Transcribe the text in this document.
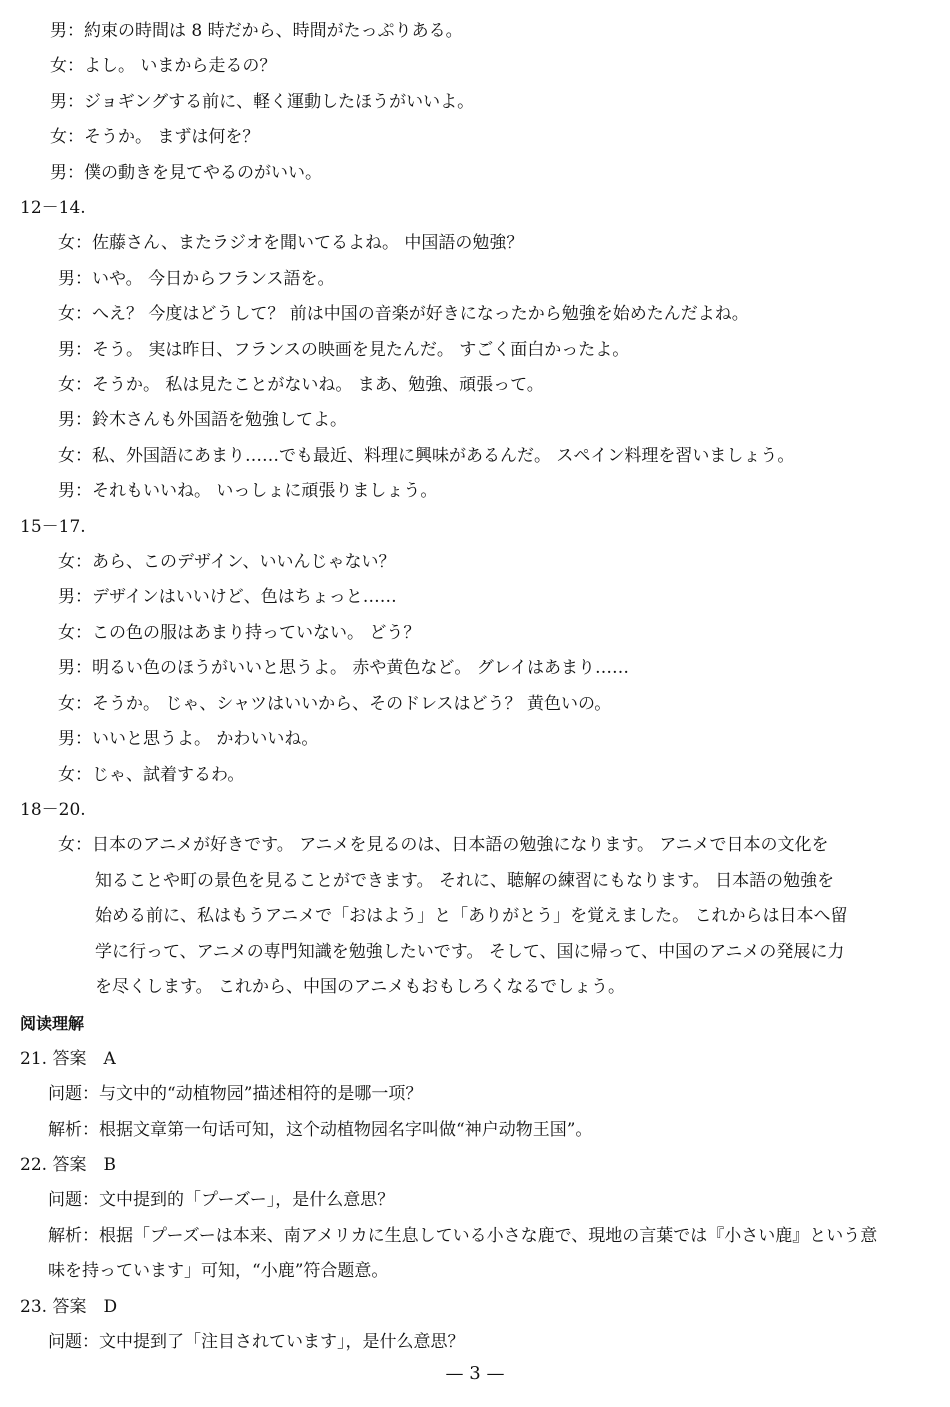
男：約束の時間は 8 時だから、時間がたっぷりある。
女：よし。 いまから走るの？
男：ジョギングする前に、軽く運動したほうがいいよ。
女：そうか。 まずは何を？
男：僕の動きを見てやるのがいい。
12－14.
女：佐藤さん、またラジオを聞いてるよね。 中国語の勉強？
男：いや。 今日からフランス語を。
女：へえ？ 今度はどうして？ 前は中国の音楽が好きになったから勉強を始めたんだよね。
男：そう。 実は昨日、フランスの映画を見たんだ。 すごく面白かったよ。
女：そうか。 私は見たことがないね。 まあ、勉強、頑張って。
男：鈴木さんも外国語を勉強してよ。
女：私、外国語にあまり……でも最近、料理に興味があるんだ。 スペイン料理を習いましょう。
男：それもいいね。 いっしょに頑張りましょう。
15－17.
女：あら、このデザイン、いいんじゃない？
男：デザインはいいけど、色はちょっと……
女：この色の服はあまり持っていない。 どう？
男：明るい色のほうがいいと思うよ。 赤や黄色など。 グレイはあまり……
女：そうか。 じゃ、シャツはいいから、そのドレスはどう？ 黄色いの。
男：いいと思うよ。 かわいいね。
女：じゃ、試着するわ。
18－20.
女：日本のアニメが好きです。 アニメを見るのは、日本語の勉強になります。 アニメで日本の文化を
知ることや町の景色を見ることができます。 それに、聴解の練習にもなります。 日本語の勉強を
始める前に、私はもうアニメで「おはよう」と「ありがとう」を覚えました。 これからは日本へ留
学に行って、アニメの専門知識を勉強したいです。 そして、国に帰って、中国のアニメの発展に力
を尽くします。 これから、中国のアニメもおもしろくなるでしょう。
阅读理解
21. 答案　A
问题：与文中的“动植物园”描述相符的是哪一项？
解析：根据文章第一句话可知，这个动植物园名字叫做“神户动物王国”。
22. 答案　B
问题：文中提到的「プーズー」，是什么意思？
解析：根据「プーズーは本来、南アメリカに生息している小さな鹿で、現地の言葉では『小さい鹿』という意
味を持っています」可知，“小鹿”符合题意。
23. 答案　D
问题：文中提到了「注目されています」，是什么意思？
— 3 —
